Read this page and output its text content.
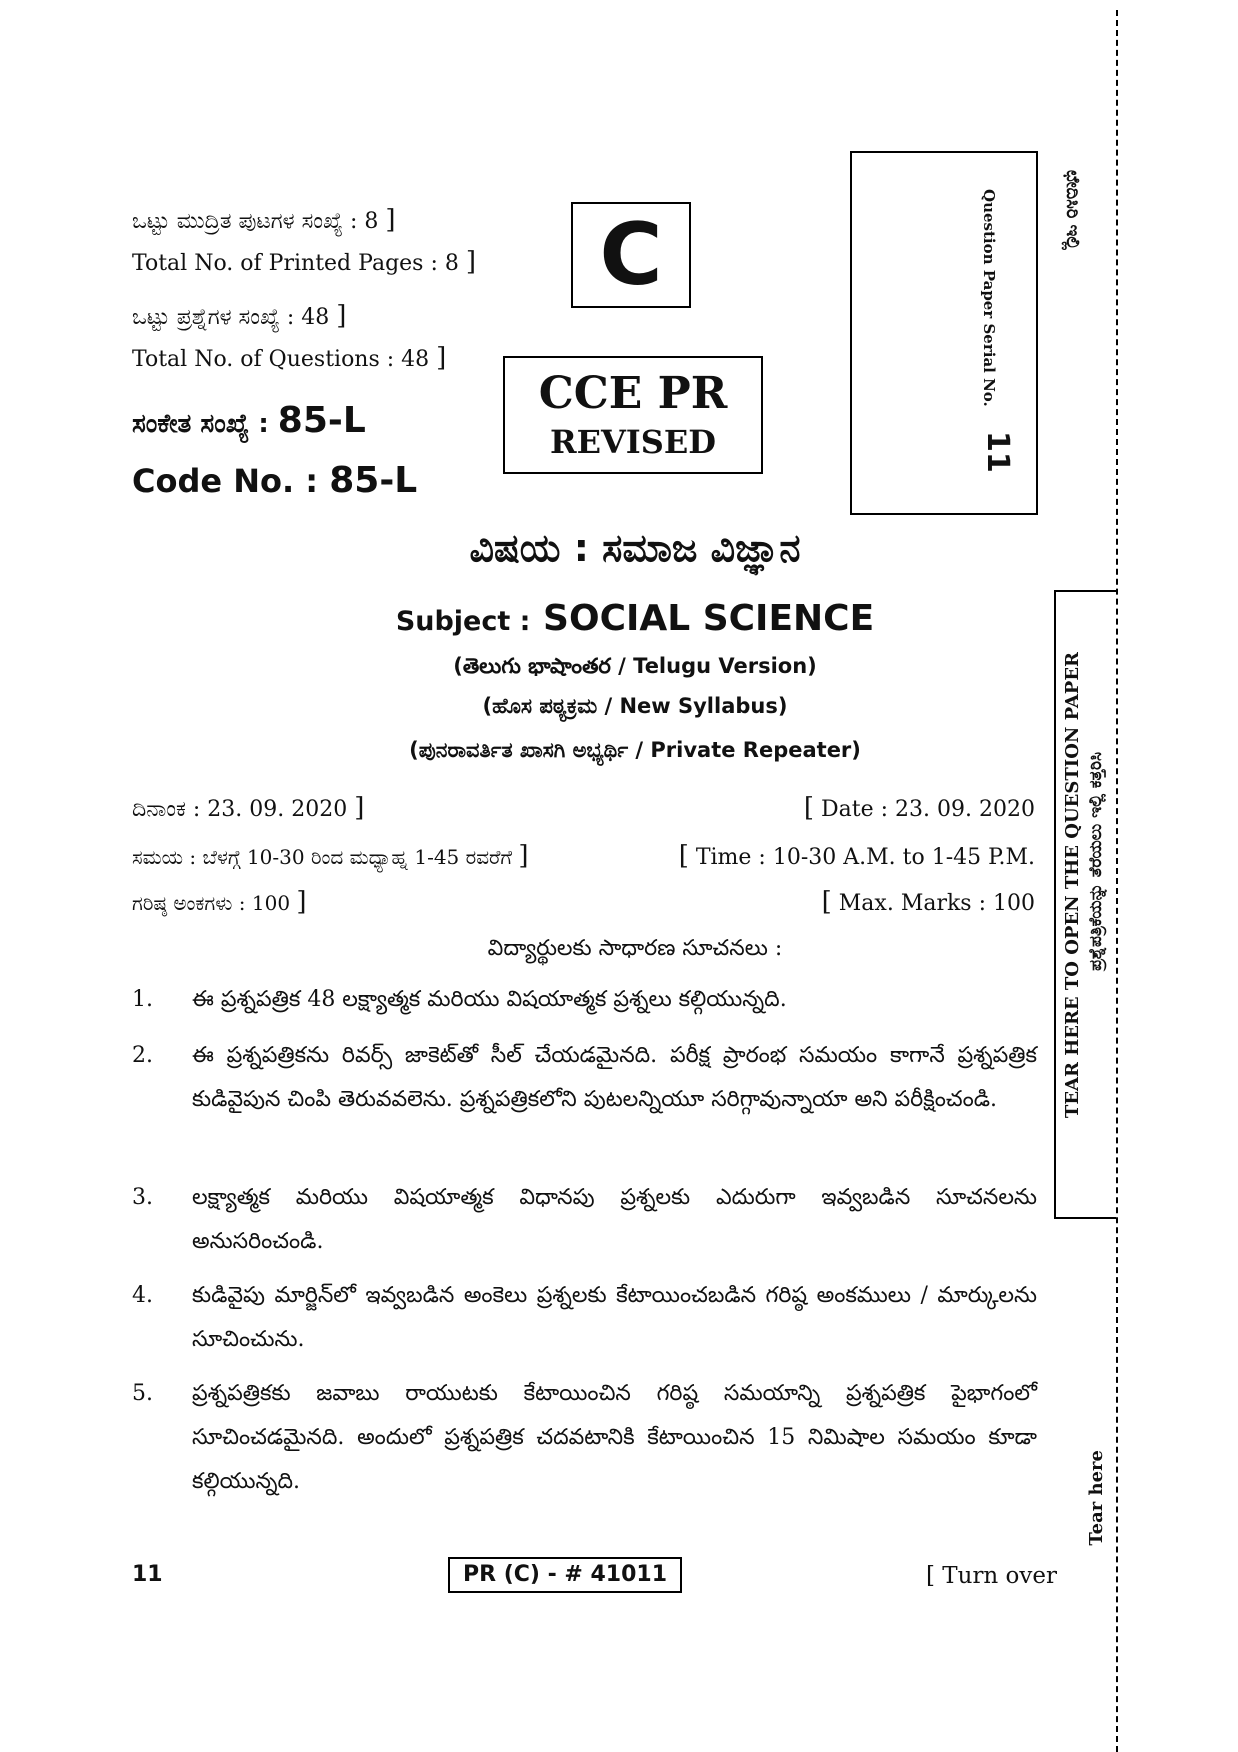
ಒಟ್ಟು ಮುದ್ರಿತ ಪುಟಗಳ ಸಂಖ್ಯೆ : 8 ]
Total No. of Printed Pages : 8 ]
ಒಟ್ಟು ಪ್ರಶ್ನೆಗಳ ಸಂಖ್ಯೆ : 48 ]
Total No. of Questions : 48 ]
ಸಂಕೇತ ಸಂಖ್ಯೆ : 85-L
Code No. : 85-L
C
CCE PR
REVISED
Question Paper Serial No.
11
ಛೇದಿಸಿರಿ ಇಲ್ಲಿ
ವಿಷಯ : ಸಮಾಜ ವಿಜ್ಞಾನ
Subject : SOCIAL SCIENCE
(తెలుగు భాషాంతర / Telugu Version)
(ಹೊಸ ಪಠ್ಯಕ್ರಮ / New Syllabus)
(ಪುನರಾವರ್ತಿತ ಖಾಸಗಿ ಅಭ್ಯರ್ಥಿ / Private Repeater)
ದಿನಾಂಕ : 23. 09. 2020 ]	[ Date : 23. 09. 2020
ಸಮಯ : ಬೆಳಗ್ಗೆ 10-30 ರಿಂದ ಮಧ್ಯಾಹ್ನ 1-45 ರವರೆಗೆ ]	[ Time : 10-30 A.M. to 1-45 P.M.
ಗರಿಷ್ಠ ಅಂಕಗಳು : 100 ]	[ Max. Marks : 100
విద్యార్థులకు సాధారణ సూచనలు :
1. ఈ ప్రశ్నపత్రిక 48 లక్ష్యాత్మక మరియు విషయాత్మక ప్రశ్నలు కల్గియున్నది.
2. ఈ ప్రశ్నపత్రికను రివర్స్ జాకెట్‌తో సీల్ చేయడమైనది. పరీక్ష ప్రారంభ సమయం కాగానే ప్రశ్నపత్రిక కుడివైపున చింపి తెరువవలెను. ప్రశ్నపత్రికలోని పుటలన్నియూ సరిగ్గావున్నాయా అని పరీక్షించండి.
3. లక్ష్యాత్మక మరియు విషయాత్మక విధానపు ప్రశ్నలకు ఎదురుగా ఇవ్వబడిన సూచనలను అనుసరించండి.
4. కుడివైపు మార్జిన్‌లో ఇవ్వబడిన అంకెలు ప్రశ్నలకు కేటాయించబడిన గరిష్ఠ అంకములు / మార్కులను సూచించును.
5. ప్రశ్నపత్రికకు జవాబు రాయుటకు కేటాయించిన గరిష్ఠ సమయాన్ని ప్రశ్నపత్రిక పైభాగంలో సూచించడమైనది. అందులో ప్రశ్నపత్రిక చదవటానికి కేటాయించిన 15 నిమిషాల సమయం కూడా కల్గియున్నది.
TEAR HERE TO OPEN THE QUESTION PAPER ಪ್ರಶ್ನೆಪತ್ರಿಕೆಯನ್ನು ತೆರೆಯಲು ಇಲ್ಲಿ ಕತ್ತರಿಸಿ
Tear here
11	PR (C) - # 41011	[ Turn over
